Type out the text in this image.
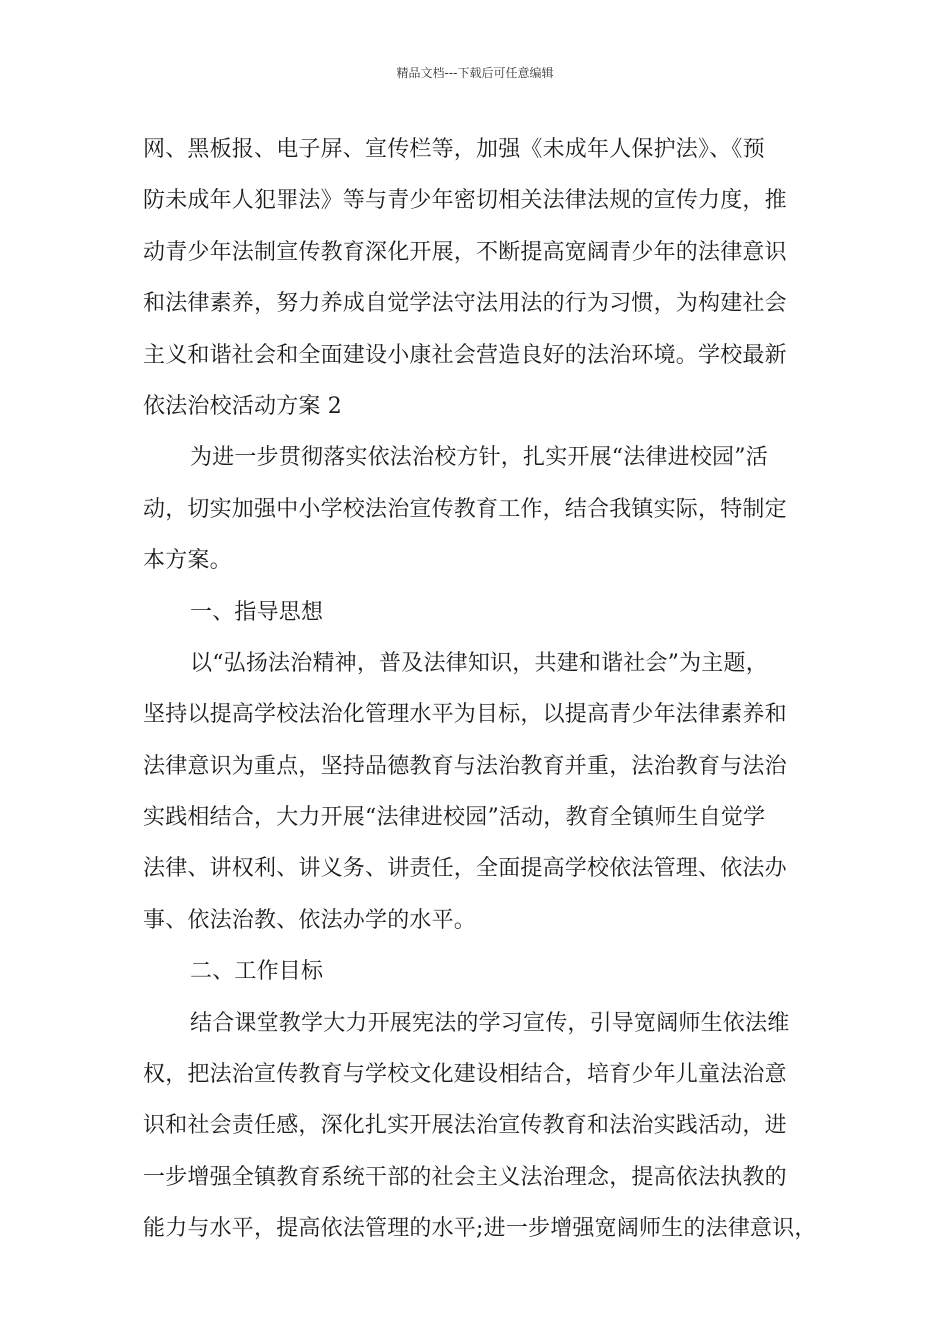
精品文档---下载后可任意编辑
网、黑板报、电子屏、宣传栏等，加强《未成年人保护法》、《预
防未成年人犯罪法》等与青少年密切相关法律法规的宣传力度，推
动青少年法制宣传教育深化开展，不断提高宽阔青少年的法律意识
和法律素养，努力养成自觉学法守法用法的行为习惯，为构建社会
主义和谐社会和全面建设小康社会营造良好的法治环境。学校最新
依法治校活动方案 2
为进一步贯彻落实依法治校方针，扎实开展“法律进校园”活
动，切实加强中小学校法治宣传教育工作，结合我镇实际，特制定
本方案。
一、指导思想
以“弘扬法治精神，普及法律知识，共建和谐社会”为主题，
坚持以提高学校法治化管理水平为目标，以提高青少年法律素养和
法律意识为重点，坚持品德教育与法治教育并重，法治教育与法治
实践相结合，大力开展“法律进校园”活动，教育全镇师生自觉学
法律、讲权利、讲义务、讲责任，全面提高学校依法管理、依法办
事、依法治教、依法办学的水平。
二、工作目标
结合课堂教学大力开展宪法的学习宣传，引导宽阔师生依法维
权，把法治宣传教育与学校文化建设相结合，培育少年儿童法治意
识和社会责任感，深化扎实开展法治宣传教育和法治实践活动，进
一步增强全镇教育系统干部的社会主义法治理念，提高依法执教的
能力与水平，提高依法管理的水平;进一步增强宽阔师生的法律意识，
